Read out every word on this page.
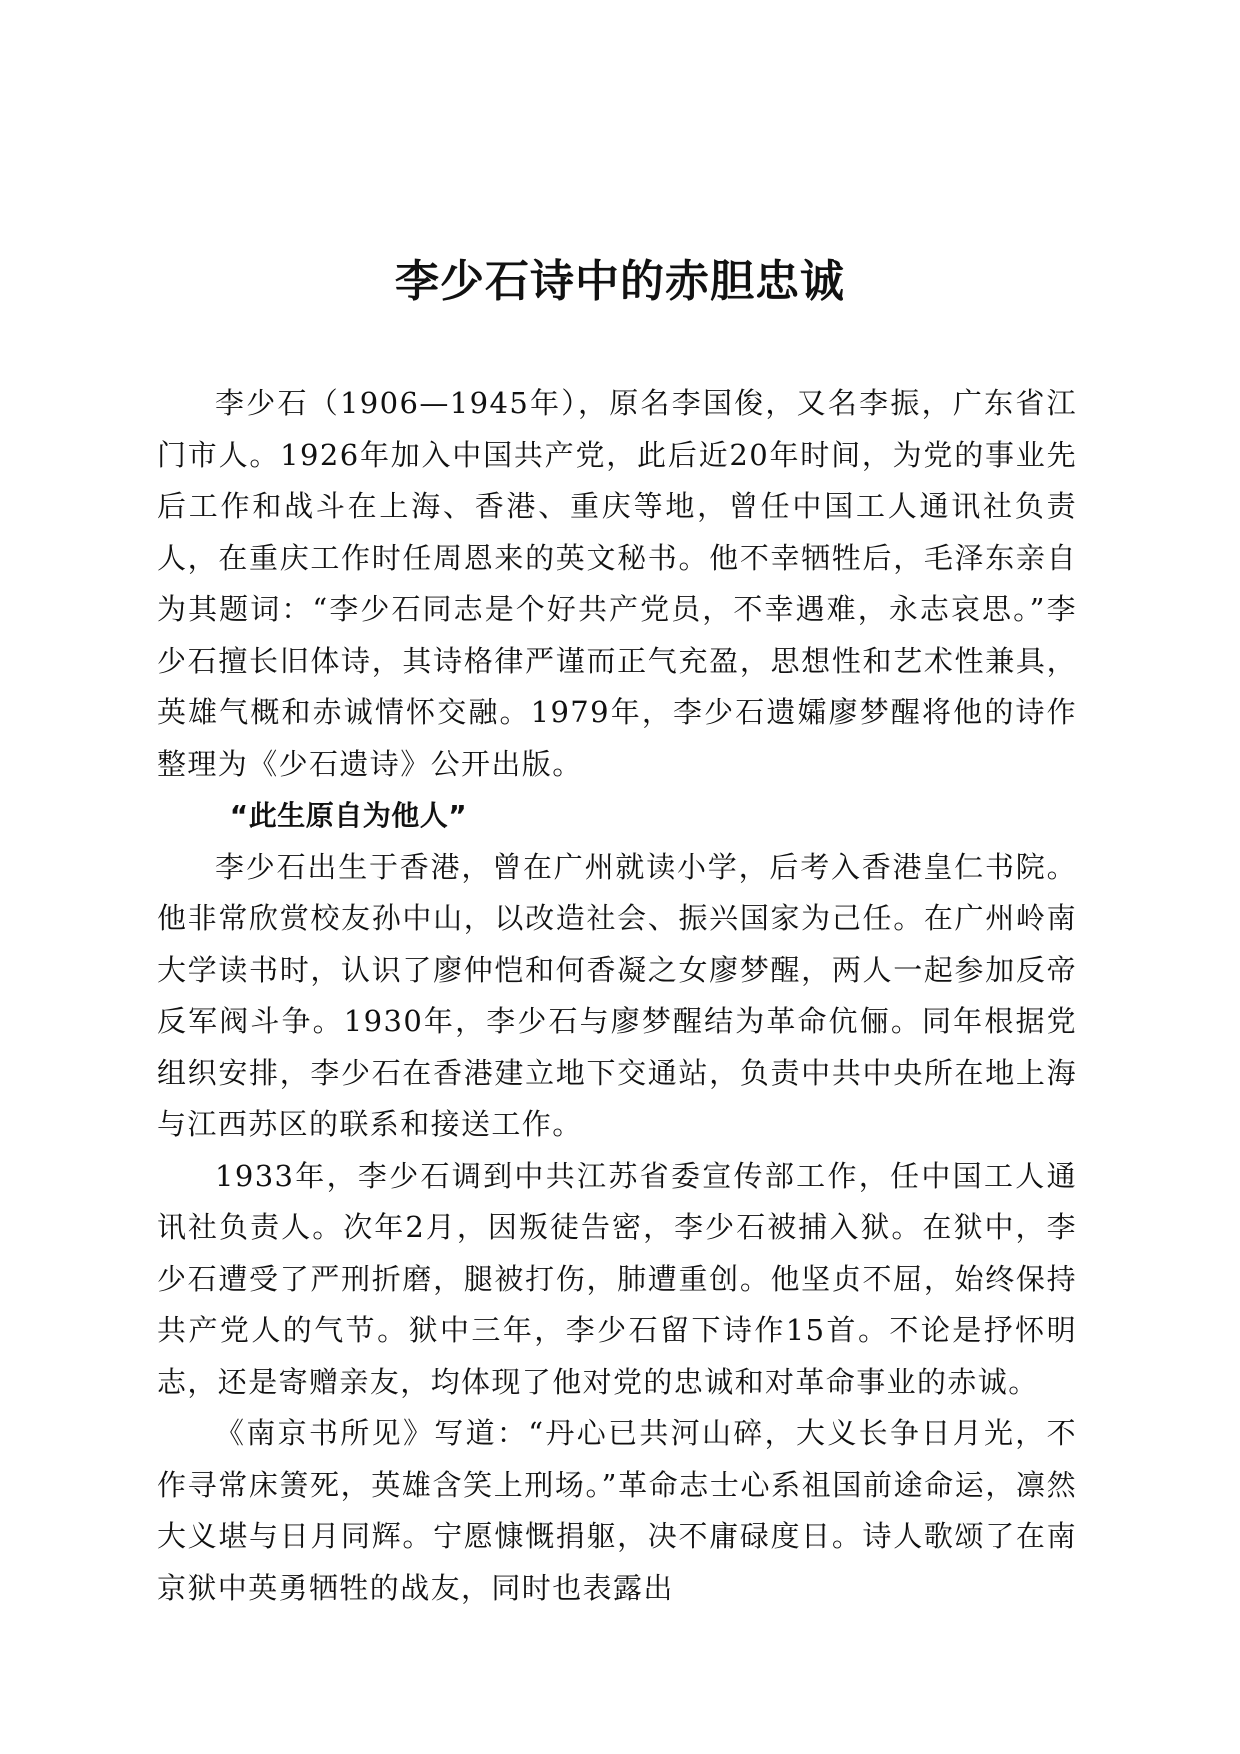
李少石诗中的赤胆忠诚

李少石（1906—1945年），原名李国俊，又名李振，广东省江门市人。1926年加入中国共产党，此后近20年时间，为党的事业先后工作和战斗在上海、香港、重庆等地，曾任中国工人通讯社负责人，在重庆工作时任周恩来的英文秘书。他不幸牺牲后，毛泽东亲自为其题词：“李少石同志是个好共产党员，不幸遇难，永志哀思。”李少石擅长旧体诗，其诗格律严谨而正气充盈，思想性和艺术性兼具，英雄气概和赤诚情怀交融。1979年，李少石遗孀廖梦醒将他的诗作整理为《少石遗诗》公开出版。

“此生原自为他人”

李少石出生于香港，曾在广州就读小学，后考入香港皇仁书院。他非常欣赏校友孙中山，以改造社会、振兴国家为己任。在广州岭南大学读书时，认识了廖仲恺和何香凝之女廖梦醒，两人一起参加反帝反军阀斗争。1930年，李少石与廖梦醒结为革命伉俪。同年根据党组织安排，李少石在香港建立地下交通站，负责中共中央所在地上海与江西苏区的联系和接送工作。

1933年，李少石调到中共江苏省委宣传部工作，任中国工人通讯社负责人。次年2月，因叛徒告密，李少石被捕入狱。在狱中，李少石遭受了严刑折磨，腿被打伤，肺遭重创。他坚贞不屈，始终保持共产党人的气节。狱中三年，李少石留下诗作15首。不论是抒怀明志，还是寄赠亲友，均体现了他对党的忠诚和对革命事业的赤诚。

《南京书所见》写道：“丹心已共河山碎，大义长争日月光，不作寻常床箦死，英雄含笑上刑场。”革命志士心系祖国前途命运，凛然大义堪与日月同辉。宁愿慷慨捐躯，决不庸碌度日。诗人歌颂了在南京狱中英勇牺牲的战友，同时也表露出
